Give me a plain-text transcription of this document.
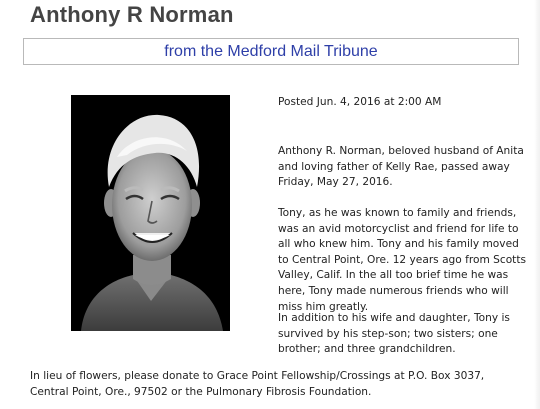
Anthony R Norman
from the Medford Mail Tribune
Posted Jun. 4, 2016 at 2:00 AM

Anthony R. Norman, beloved husband of Anita and loving father of Kelly Rae, passed away Friday, May 27, 2016.

Tony, as he was known to family and friends, was an avid motorcyclist and friend for life to all who knew him. Tony and his family moved to Central Point, Ore. 12 years ago from Scotts Valley, Calif. In the all too brief time he was here, Tony made numerous friends who will miss him greatly.

In addition to his wife and daughter, Tony is survived by his step-son; two sisters; one brother; and three grandchildren.

In lieu of flowers, please donate to Grace Point Fellowship/Crossings at P.O. Box 3037, Central Point, Ore., 97502 or the Pulmonary Fibrosis Foundation.
